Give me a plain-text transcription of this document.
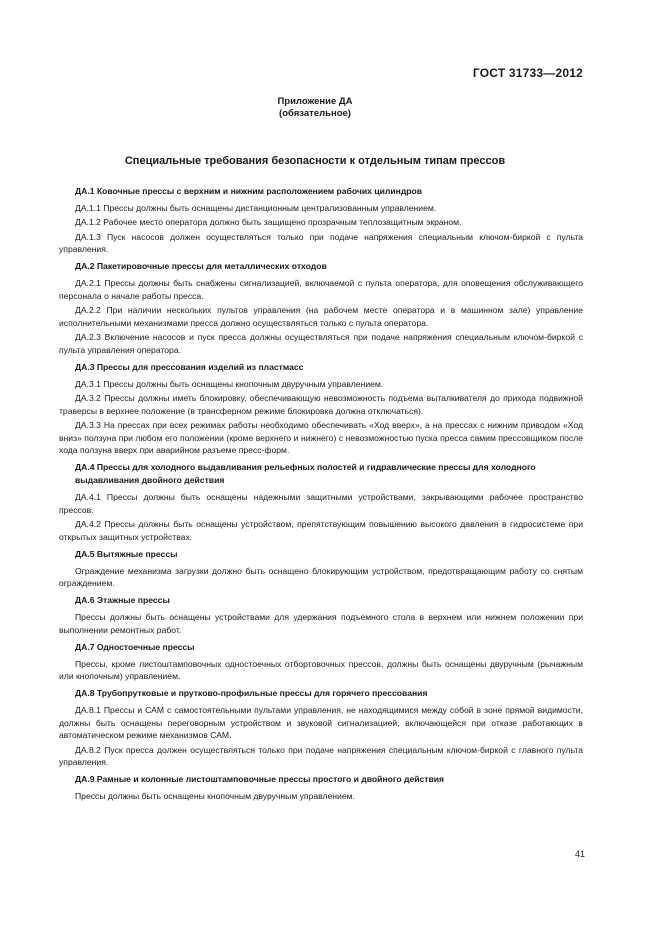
ГОСТ 31733—2012
Приложение ДА
(обязательное)
Специальные требования безопасности к отдельным типам прессов
ДА.1 Ковочные прессы с верхним и нижним расположением рабочих цилиндров
ДА.1.1 Прессы должны быть оснащены дистанционным централизованным управлением.
ДА.1.2 Рабочее место оператора должно быть защищено прозрачным теплозащитным экраном.
ДА.1.3 Пуск насосов должен осуществляться только при подаче напряжения специальным ключом-биркой с пульта управления.
ДА.2 Пакетировочные прессы для металлических отходов
ДА.2.1 Прессы должны быть снабжены сигнализацией, включаемой с пульта оператора, для оповещения обслуживающего персонала о начале работы пресса.
ДА.2.2 При наличии нескольких пультов управления (на рабочем месте оператора и в машинном зале) управление исполнительными механизмами пресса должно осуществляться только с пульта оператора.
ДА.2.3 Включение насосов и пуск пресса должны осуществляться при подаче напряжения специальным ключом-биркой с пульта управления оператора.
ДА.3 Прессы для прессования изделий из пластмасс
ДА.3.1 Прессы должны быть оснащены кнопочным двуручным управлением.
ДА.3.2 Прессы должны иметь блокировку, обеспечивающую невозможность подъема выталкивателя до прихода подвижной траверсы в верхнее положение (в трансферном режиме блокировка должна отключаться).
ДА.3.3 На прессах при всех режимах работы необходимо обеспечивать «Ход вверх», а на прессах с нижним приводом «Ход вниз» ползуна при любом его положении (кроме верхнего и нижнего) с невозможностью пуска пресса самим прессовщиком после хода ползуна вверх при аварийном разъеме пресс-форм.
ДА.4 Прессы для холодного выдавливания рельефных полостей и гидравлические прессы для холодного выдавливания двойного действия
ДА.4.1 Прессы должны быть оснащены надежными защитными устройствами, закрывающими рабочее пространство прессов.
ДА.4.2 Прессы должны быть оснащены устройством, препятствующим повышению высокого давления в гидросистеме при открытых защитных устройствах.
ДА.5 Вытяжные прессы
Ограждение механизма загрузки должно быть оснащено блокирующим устройством, предотвращающим работу со снятым ограждением.
ДА.6 Этажные прессы
Прессы должны быть оснащены устройствами для удержания подъемного стола в верхнем или нижнем положении при выполнении ремонтных работ.
ДА.7 Одностоечные прессы
Прессы, кроме листоштамповочных одностоечных отбортовочных прессов, должны быть оснащены двуручным (рычажным или кнопочным) управлением.
ДА.8 Трубопрутковые и прутково-профильные прессы для горячего прессования
ДА.8.1 Прессы и САМ с самостоятельными пультами управления, не находящимися между собой в зоне прямой видимости, должны быть оснащены переговорным устройством и звуковой сигнализацией, включающейся при отказе работающих в автоматическом режиме механизмов САМ.
ДА.8.2 Пуск пресса должен осуществляться только при подаче напряжения специальным ключом-биркой с главного пульта управления.
ДА.9 Рамные и колонные листоштамповочные прессы простого и двойного действия
Прессы должны быть оснащены кнопочным двуручным управлением.
41
